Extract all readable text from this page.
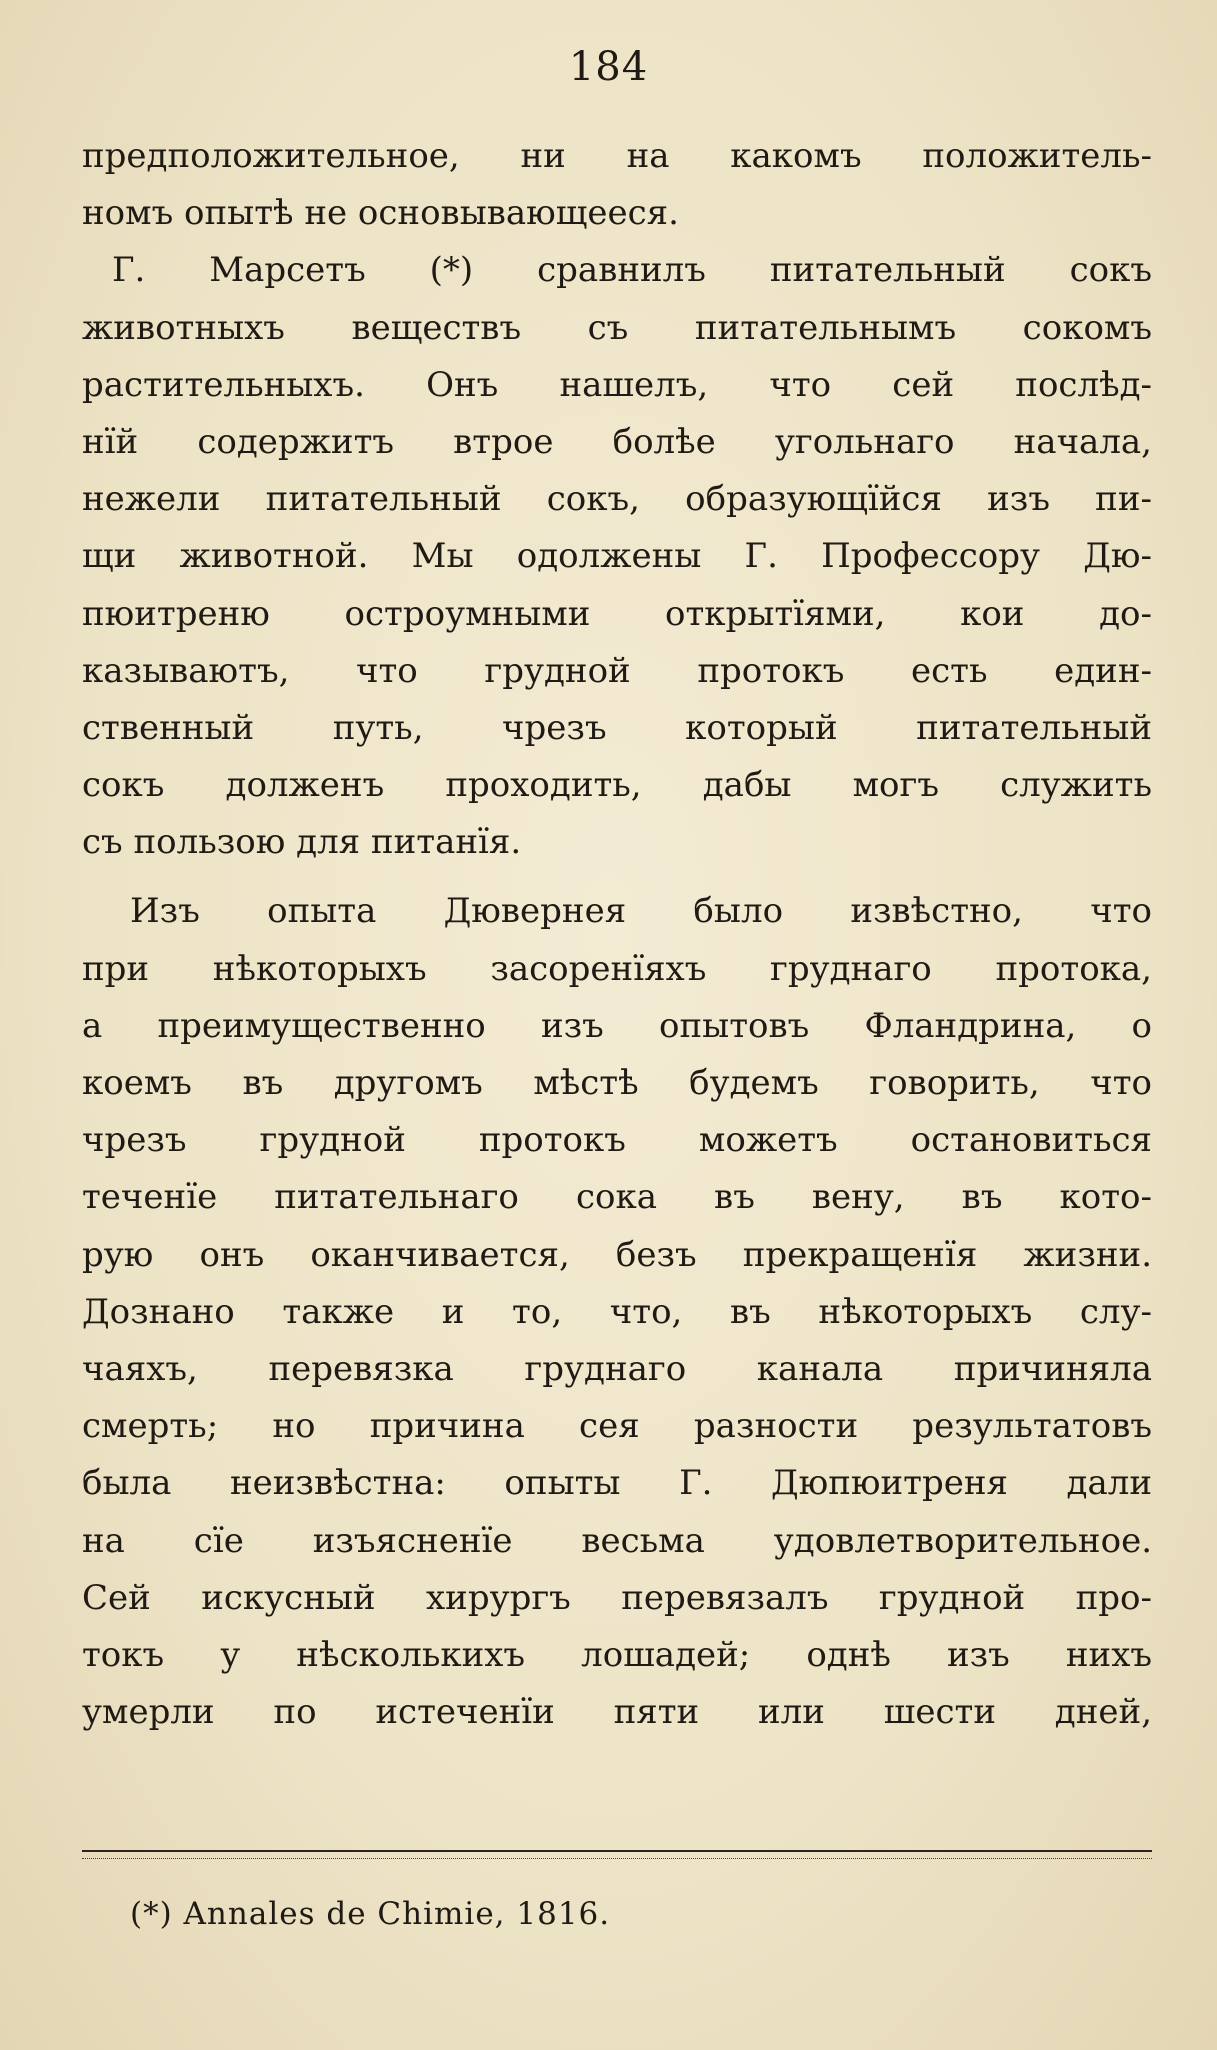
184
предположительное, ни на какомъ положитель-
номъ опытѣ не основывающееся.
Г. Марсетъ (*) сравнилъ питательный сокъ
животныхъ веществъ съ питательнымъ сокомъ
растительныхъ. Онъ нашелъ, что сей послѣд-
нїй содержитъ втрое болѣе угольнаго начала,
нежели питательный сокъ, образующїйся изъ пи-
щи животной. Мы одолжены Г. Профессору Дю-
пюитреню остроумными открытїями, кои до-
казываютъ, что грудной протокъ есть един-
ственный путь, чрезъ который питательный
сокъ долженъ проходить, дабы могъ служить
съ пользою для питанїя.
Изъ опыта Дювернея было извѣстно, что
при нѣкоторыхъ засоренїяхъ груднаго протока,
а преимущественно изъ опытовъ Фландрина, о
коемъ въ другомъ мѣстѣ будемъ говорить, что
чрезъ грудной протокъ можетъ остановиться
теченїе питательнаго сока въ вену, въ кото-
рую онъ оканчивается, безъ прекращенїя жизни.
Дознано также и то, что, въ нѣкоторыхъ слу-
чаяхъ, перевязка груднаго канала причиняла
смерть; но причина сея разности результатовъ
была неизвѣстна: опыты Г. Дюпюитреня дали
на сїе изъясненїе весьма удовлетворительное.
Сей искусный хирургъ перевязалъ грудной про-
токъ у нѣсколькихъ лошадей; однѣ изъ нихъ
умерли по истеченїи пяти или шести дней,
(*) Annales de Chimie, 1816.
